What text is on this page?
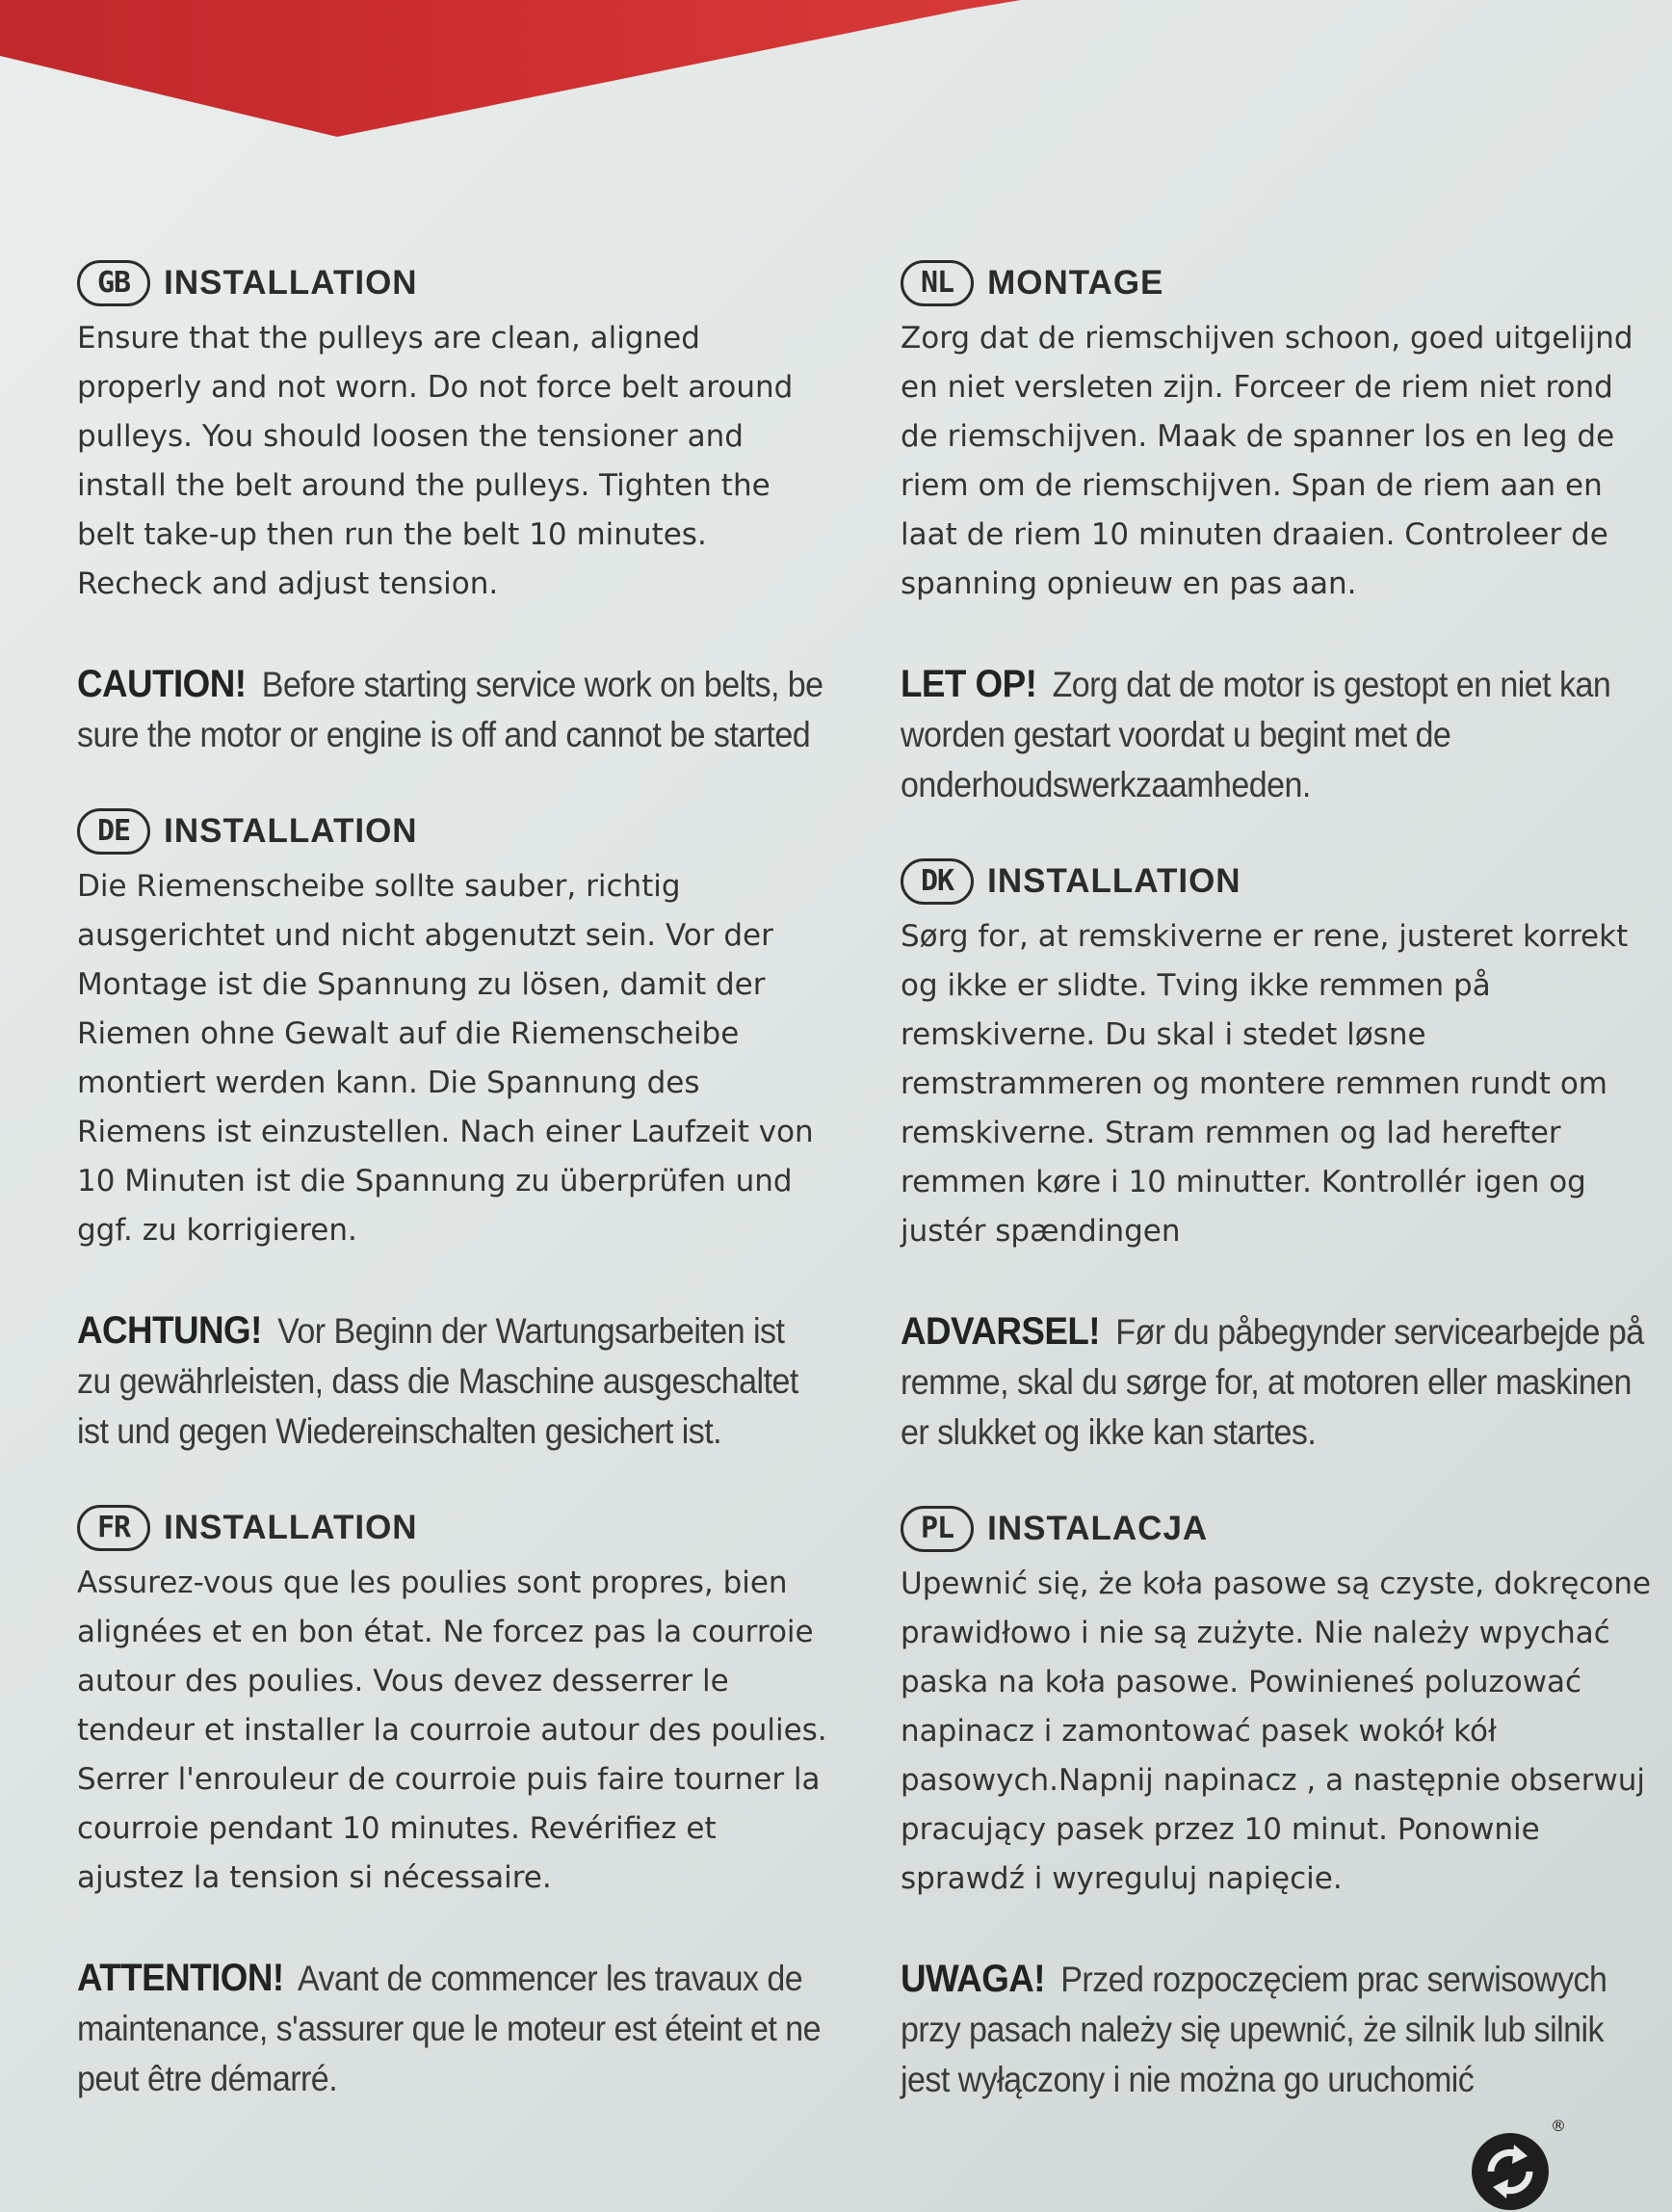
GB	INSTALLATION

Ensure that the pulleys are clean, aligned properly and not worn. Do not force belt around pulleys. You should loosen the tensioner and install the belt around the pulleys. Tighten the belt take-up then run the belt 10 minutes. Recheck and adjust tension.

CAUTION! Before starting service work on belts, be sure the motor or engine is off and cannot be started
DE	INSTALLATION

Die Riemenscheibe sollte sauber, richtig ausgerichtet und nicht abgenutzt sein. Vor der Montage ist die Spannung zu lösen, damit der Riemen ohne Gewalt auf die Riemenscheibe montiert werden kann. Die Spannung des Riemens ist einzustellen. Nach einer Laufzeit von 10 Minuten ist die Spannung zu überprüfen und ggf. zu korrigieren.

ACHTUNG! Vor Beginn der Wartungsarbeiten ist zu gewährleisten, dass die Maschine ausgeschaltet ist und gegen Wiedereinschalten gesichert ist.
FR	INSTALLATION

Assurez-vous que les poulies sont propres, bien alignées et en bon état. Ne forcez pas la courroie autour des poulies. Vous devez desserrer le tendeur et installer la courroie autour des poulies. Serrer l'enrouleur de courroie puis faire tourner la courroie pendant 10 minutes. Revérifiez et ajustez la tension si nécessaire.

ATTENTION! Avant de commencer les travaux de maintenance, s'assurer que le moteur est éteint et ne peut être démarré.
NL	MONTAGE

Zorg dat de riemschijven schoon, goed uitgelijnd en niet versleten zijn. Forceer de riem niet rond de riemschijven. Maak de spanner los en leg de riem om de riemschijven. Span de riem aan en laat de riem 10 minuten draaien. Controleer de spanning opnieuw en pas aan.

LET OP! Zorg dat de motor is gestopt en niet kan worden gestart voordat u begint met de onderhoudswerkzaamheden.
DK	INSTALLATION

Sørg for, at remskiverne er rene, justeret korrekt og ikke er slidte. Tving ikke remmen på remskiverne. Du skal i stedet løsne remstrammeren og montere remmen rundt om remskiverne. Stram remmen og lad herefter remmen køre i 10 minutter. Kontrollér igen og justér spændingen

ADVARSEL! Før du påbegynder servicearbejde på remme, skal du sørge for, at motoren eller maskinen er slukket og ikke kan startes.
PL	INSTALACJA

Upewnić się, że koła pasowe są czyste, dokręcone prawidłowo i nie są zużyte. Nie należy wpychać paska na koła pasowe. Powinieneś poluzować napinacz i zamontować pasek wokół kół pasowych.Napnij napinacz , a następnie obserwuj pracujący pasek przez 10 minut. Ponownie sprawdź i wyreguluj napięcie.

UWAGA! Przed rozpoczęciem prac serwisowych przy pasach należy się upewnić, że silnik lub silnik jest wyłączony i nie można go uruchomić
®
